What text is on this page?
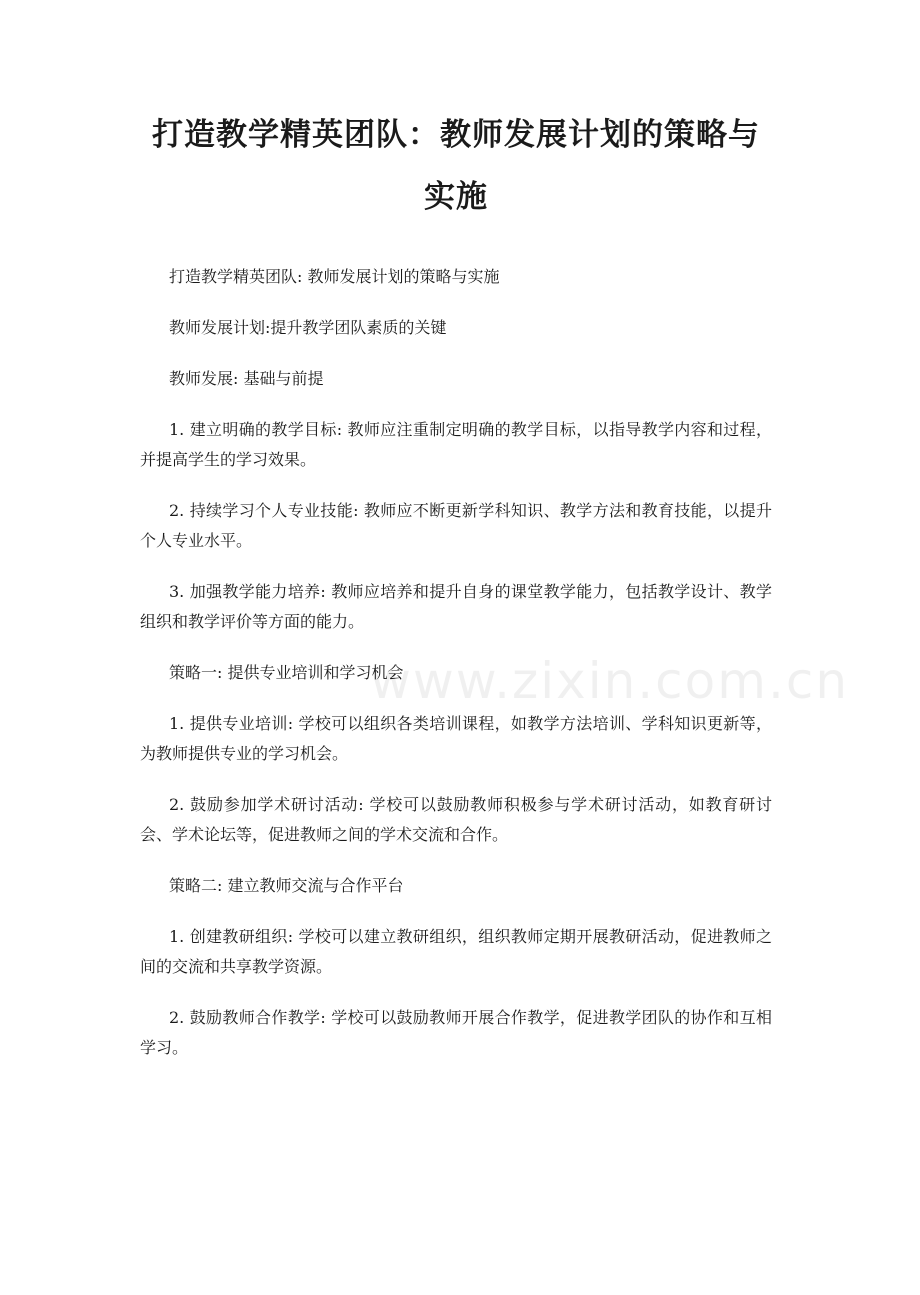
打造教学精英团队：教师发展计划的策略与
实施

打造教学精英团队: 教师发展计划的策略与实施

教师发展计划:提升教学团队素质的关键

教师发展: 基础与前提

1. 建立明确的教学目标: 教师应注重制定明确的教学目标，以指导教学内容和过程，并提高学生的学习效果。

2. 持续学习个人专业技能: 教师应不断更新学科知识、教学方法和教育技能，以提升个人专业水平。

3. 加强教学能力培养: 教师应培养和提升自身的课堂教学能力，包括教学设计、教学组织和教学评价等方面的能力。

策略一: 提供专业培训和学习机会

1. 提供专业培训: 学校可以组织各类培训课程，如教学方法培训、学科知识更新等，为教师提供专业的学习机会。

2. 鼓励参加学术研讨活动: 学校可以鼓励教师积极参与学术研讨活动，如教育研讨会、学术论坛等，促进教师之间的学术交流和合作。

策略二: 建立教师交流与合作平台

1. 创建教研组织: 学校可以建立教研组织，组织教师定期开展教研活动，促进教师之间的交流和共享教学资源。

2. 鼓励教师合作教学: 学校可以鼓励教师开展合作教学，促进教学团队的协作和互相学习。

www.zixin.com.cn
